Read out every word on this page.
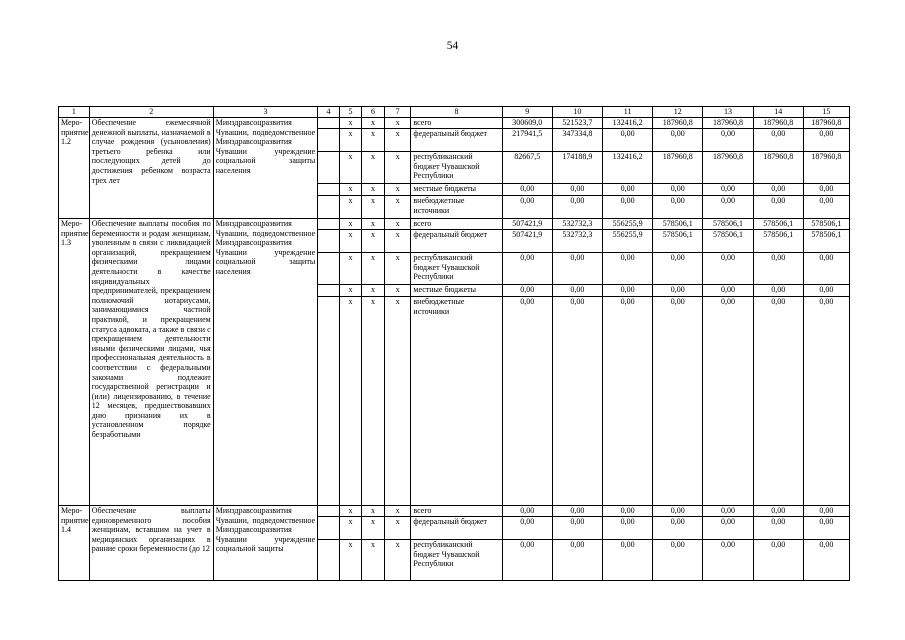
54
1	2	3	4	5	6	7	8	9	10	11	12	13	14	15
Меро-приятие 1.2	Обеспечение ежемесячной денежной выплаты, назначаемой в случае рождения (усыновления) третьего ребенка или последующих детей до достижения ребенком возраста трех лет	Минздравсоцразвития Чувашии, подведомственное Минздравсоцразвития Чувашии учреждение социальной защиты населения		x	x	x	всего	300609,0	521523,7	132416,2	187960,8	187960,8	187960,8	187960,8
				x	x	x	федеральный бюджет	217941,5	347334,8	0,00	0,00	0,00	0,00	0,00
				x	x	x	республиканский бюджет Чувашской Республики	82667,5	174188,9	132416,2	187960,8	187960,8	187960,8	187960,8
				x	x	x	местные бюджеты	0,00	0,00	0,00	0,00	0,00	0,00	0,00
				x	x	x	внебюджетные источники	0,00	0,00	0,00	0,00	0,00	0,00	0,00
Меро-приятие 1.3	Обеспечение выплаты пособия по беременности и родам женщинам, уволенным в связи с ликвидацией организаций, прекращением физическими лицами деятельности в качестве индивидуальных предпринимателей, прекращением полномочий нотариусами, занимающимися частной практикой, и прекращением статуса адвоката, а также в связи с прекращением деятельности иными физическими лицами, чья профессиональная деятельность в соответствии с федеральными законами подлежит государственной регистрации и (или) лицензированию, в течение 12 месяцев, предшествовавших дню признания их в установленном порядке безработными	Минздравсоцразвития Чувашии, подведомственное Минздравсоцразвития Чувашии учреждение социальной защиты населения		x	x	x	всего	507421,9	532732,3	556255,9	578506,1	578506,1	578506,1	578506,1
				x	x	x	федеральный бюджет	507421,9	532732,3	556255,9	578506,1	578506,1	578506,1	578506,1
				x	x	x	республиканский бюджет Чувашской Республики	0,00	0,00	0,00	0,00	0,00	0,00	0,00
				x	x	x	местные бюджеты	0,00	0,00	0,00	0,00	0,00	0,00	0,00
				x	x	x	внебюджетные источники	0,00	0,00	0,00	0,00	0,00	0,00	0,00
Меро-приятие 1.4	Обеспечение выплаты единовременного пособия женщинам, вставшим на учет в медицинских организациях в ранние сроки беременности (до 12	Минздравсоцразвития Чувашии, подведомственное Минздравсоцразвития Чувашии учреждение социальной защиты		x	x	x	всего	0,00	0,00	0,00	0,00	0,00	0,00	0,00
				x	x	x	федеральный бюджет	0,00	0,00	0,00	0,00	0,00	0,00	0,00
				x	x	x	республиканский бюджет Чувашской Республики	0,00	0,00	0,00	0,00	0,00	0,00	0,00
